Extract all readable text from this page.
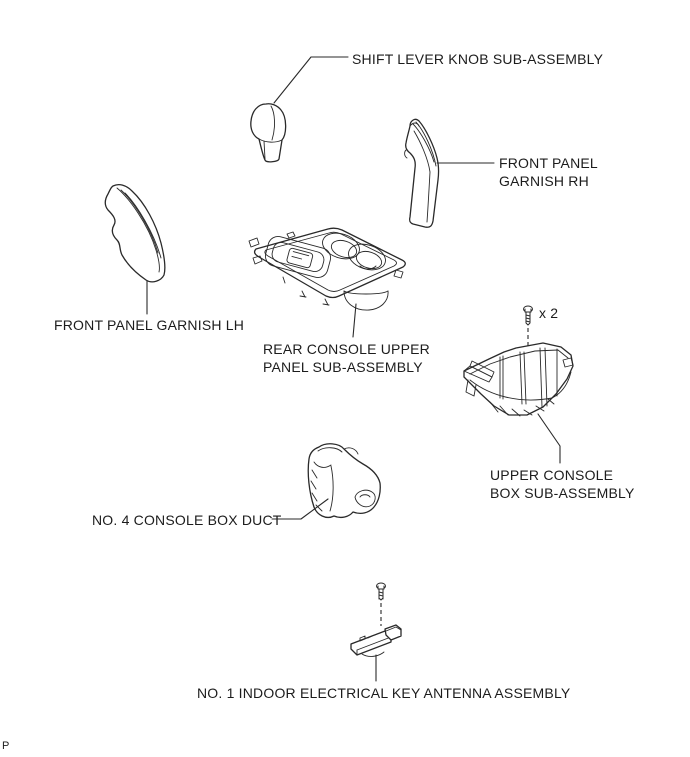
SHIFT LEVER KNOB SUB-ASSEMBLY
FRONT PANEL
GARNISH RH
FRONT PANEL GARNISH LH
REAR CONSOLE UPPER
PANEL SUB-ASSEMBLY
x 2
UPPER CONSOLE
BOX SUB-ASSEMBLY
NO. 4 CONSOLE BOX DUCT
NO. 1 INDOOR ELECTRICAL KEY ANTENNA ASSEMBLY
P
